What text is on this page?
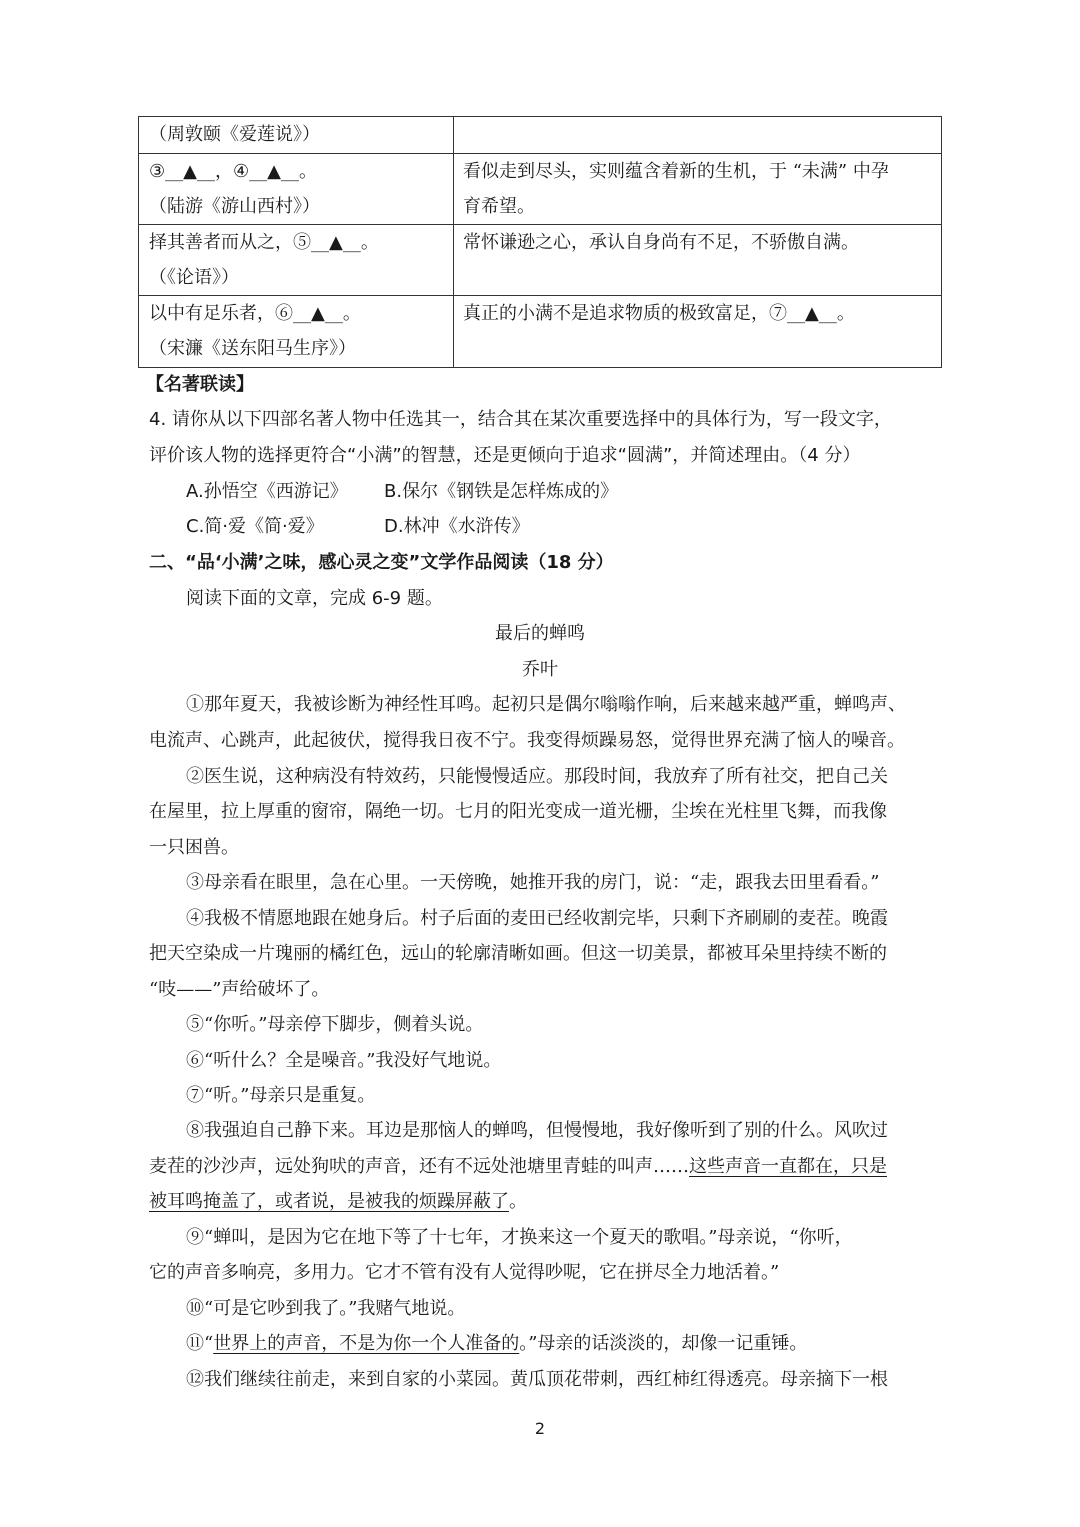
（周敦颐《爱莲说》）
③__▲__，④__▲__。
（陆游《游山西村》）
看似走到尽头，实则蕴含着新的生机，于 “未满” 中孕
育希望。
择其善者而从之，⑤__▲__。
（《论语》）
常怀谦逊之心，承认自身尚有不足，不骄傲自满。
以中有足乐者，⑥__▲__。
（宋濂《送东阳马生序》）
真正的小满不是追求物质的极致富足，⑦__▲__。
【名著联读】
4. 请你从以下四部名著人物中任选其一，结合其在某次重要选择中的具体行为，写一段文字，
评价该人物的选择更符合“小满”的智慧，还是更倾向于追求“圆满”，并简述理由。（4 分）
A.孙悟空《西游记》 B.保尔《钢铁是怎样炼成的》
C.简·爱《简·爱》	D.林冲《水浒传》
二、“品‘小满’之味，感心灵之变”文学作品阅读（18 分）
阅读下面的文章，完成 6-9 题。
最后的蝉鸣
乔叶
①那年夏天，我被诊断为神经性耳鸣。起初只是偶尔嗡嗡作响，后来越来越严重，蝉鸣声、
电流声、心跳声，此起彼伏，搅得我日夜不宁。我变得烦躁易怒，觉得世界充满了恼人的噪音。
②医生说，这种病没有特效药，只能慢慢适应。那段时间，我放弃了所有社交，把自己关
在屋里，拉上厚重的窗帘，隔绝一切。七月的阳光变成一道光栅，尘埃在光柱里飞舞，而我像
一只困兽。
③母亲看在眼里，急在心里。一天傍晚，她推开我的房门，说：“走，跟我去田里看看。”
④我极不情愿地跟在她身后。村子后面的麦田已经收割完毕，只剩下齐刷刷的麦茬。晚霞
把天空染成一片瑰丽的橘红色，远山的轮廓清晰如画。但这一切美景，都被耳朵里持续不断的
“吱——”声给破坏了。
⑤“你听。”母亲停下脚步，侧着头说。
⑥“听什么？全是噪音。”我没好气地说。
⑦“听。”母亲只是重复。
⑧我强迫自己静下来。耳边是那恼人的蝉鸣，但慢慢地，我好像听到了别的什么。风吹过
麦茬的沙沙声，远处狗吠的声音，还有不远处池塘里青蛙的叫声……这些声音一直都在，只是
被耳鸣掩盖了，或者说，是被我的烦躁屏蔽了。
⑨“蝉叫，是因为它在地下等了十七年，才换来这一个夏天的歌唱。”母亲说，“你听，
它的声音多响亮，多用力。它才不管有没有人觉得吵呢，它在拼尽全力地活着。”
⑩“可是它吵到我了。”我赌气地说。
⑪“世界上的声音，不是为你一个人准备的。”母亲的话淡淡的，却像一记重锤。
⑫我们继续往前走，来到自家的小菜园。黄瓜顶花带刺，西红柿红得透亮。母亲摘下一根
2
